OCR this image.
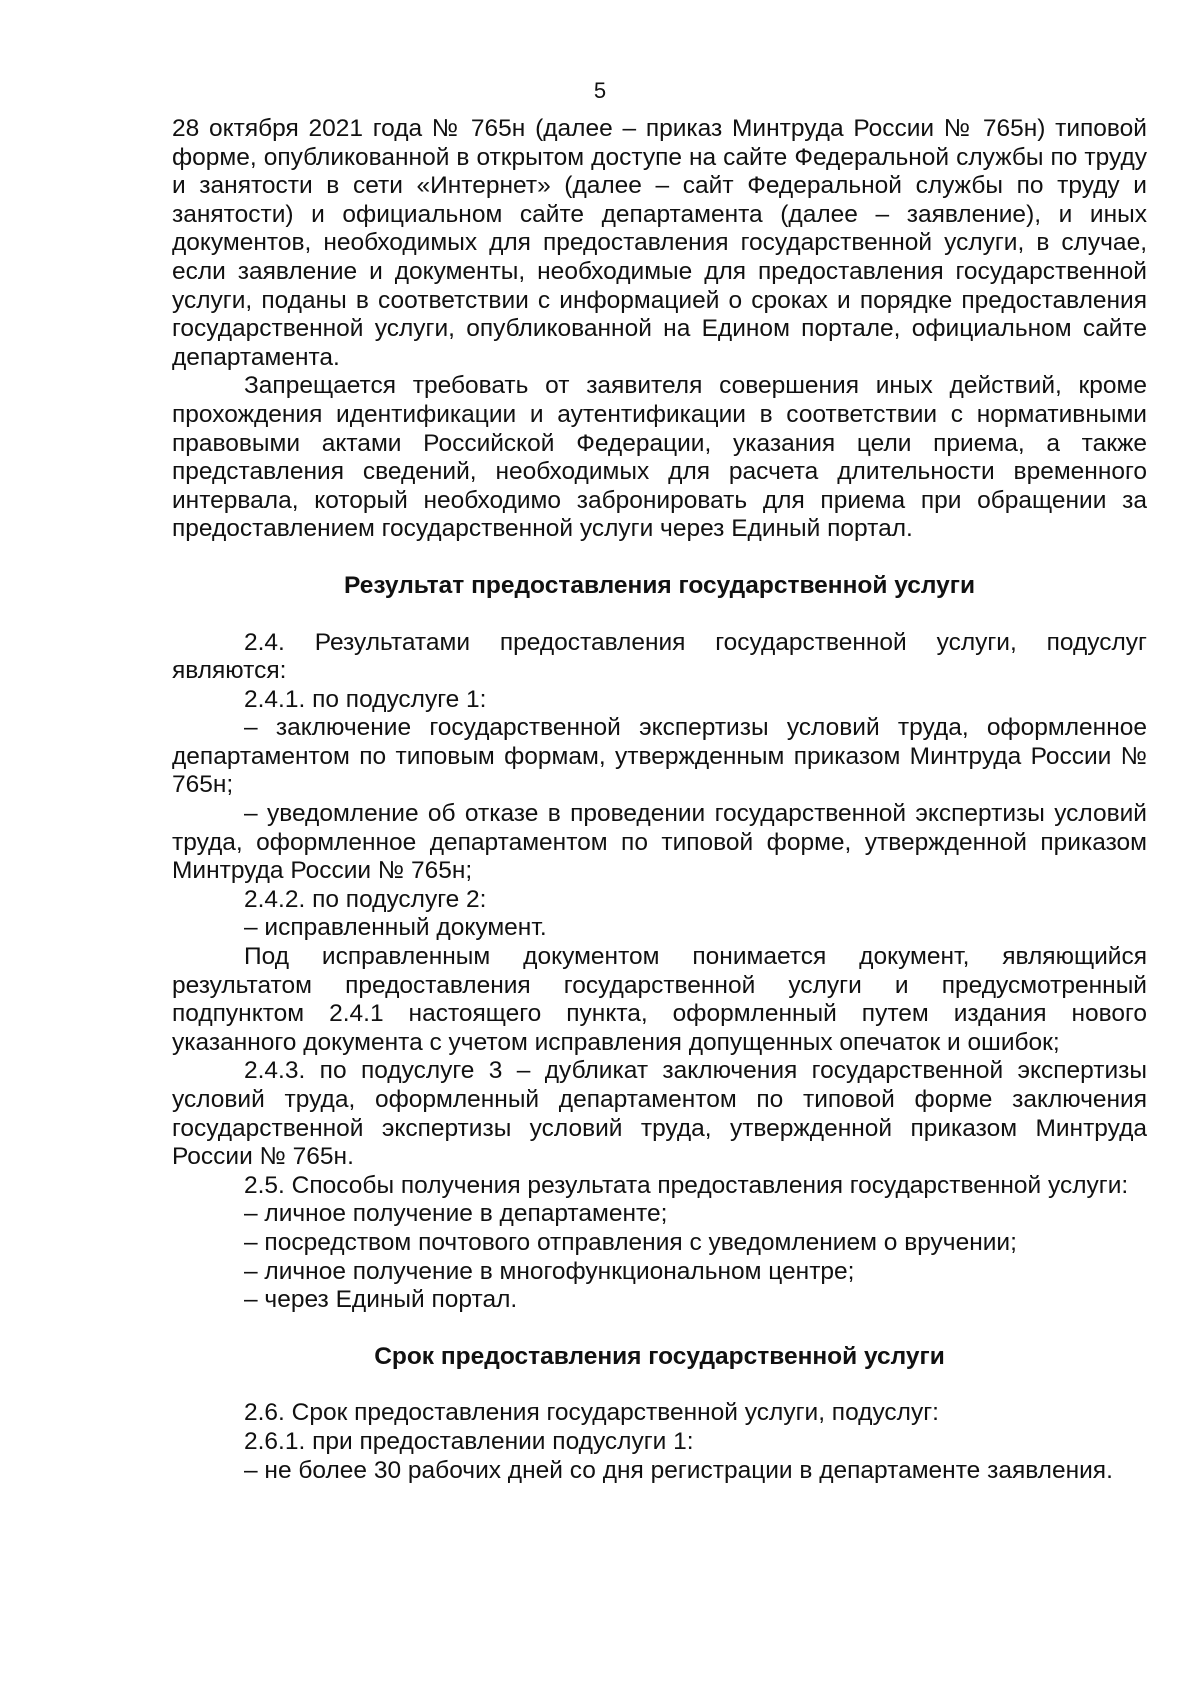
5

28 октября 2021 года № 765н (далее – приказ Минтруда России № 765н) типовой форме, опубликованной в открытом доступе на сайте Федеральной службы по труду и занятости в сети «Интернет» (далее – сайт Федеральной службы по труду и занятости) и официальном сайте департамента (далее – заявление), и иных документов, необходимых для предоставления государственной услуги, в случае, если заявление и документы, необходимые для предоставления государственной услуги, поданы в соответствии с информацией о сроках и порядке предоставления государственной услуги, опубликованной на Едином портале, официальном сайте департамента.

Запрещается требовать от заявителя совершения иных действий, кроме прохождения идентификации и аутентификации в соответствии с нормативными правовыми актами Российской Федерации, указания цели приема, а также представления сведений, необходимых для расчета длительности временного интервала, который необходимо забронировать для приема при обращении за предоставлением государственной услуги через Единый портал.

Результат предоставления государственной услуги

2.4. Результатами предоставления государственной услуги, подуслуг являются:

2.4.1. по подуслуге 1:

– заключение государственной экспертизы условий труда, оформленное департаментом по типовым формам, утвержденным приказом Минтруда России № 765н;

– уведомление об отказе в проведении государственной экспертизы условий труда, оформленное департаментом по типовой форме, утвержденной приказом Минтруда России № 765н;

2.4.2. по подуслуге 2:

– исправленный документ.

Под исправленным документом понимается документ, являющийся результатом предоставления государственной услуги и предусмотренный подпунктом 2.4.1 настоящего пункта, оформленный путем издания нового указанного документа с учетом исправления допущенных опечаток и ошибок;

2.4.3. по подуслуге 3 – дубликат заключения государственной экспертизы условий труда, оформленный департаментом по типовой форме заключения государственной экспертизы условий труда, утвержденной приказом Минтруда России № 765н.

2.5. Способы получения результата предоставления государственной услуги:

– личное получение в департаменте;

– посредством почтового отправления с уведомлением о вручении;

– личное получение в многофункциональном центре;

– через Единый портал.

Срок предоставления государственной услуги

2.6. Срок предоставления государственной услуги, подуслуг:

2.6.1. при предоставлении подуслуги 1:

– не более 30 рабочих дней со дня регистрации в департаменте заявления.
